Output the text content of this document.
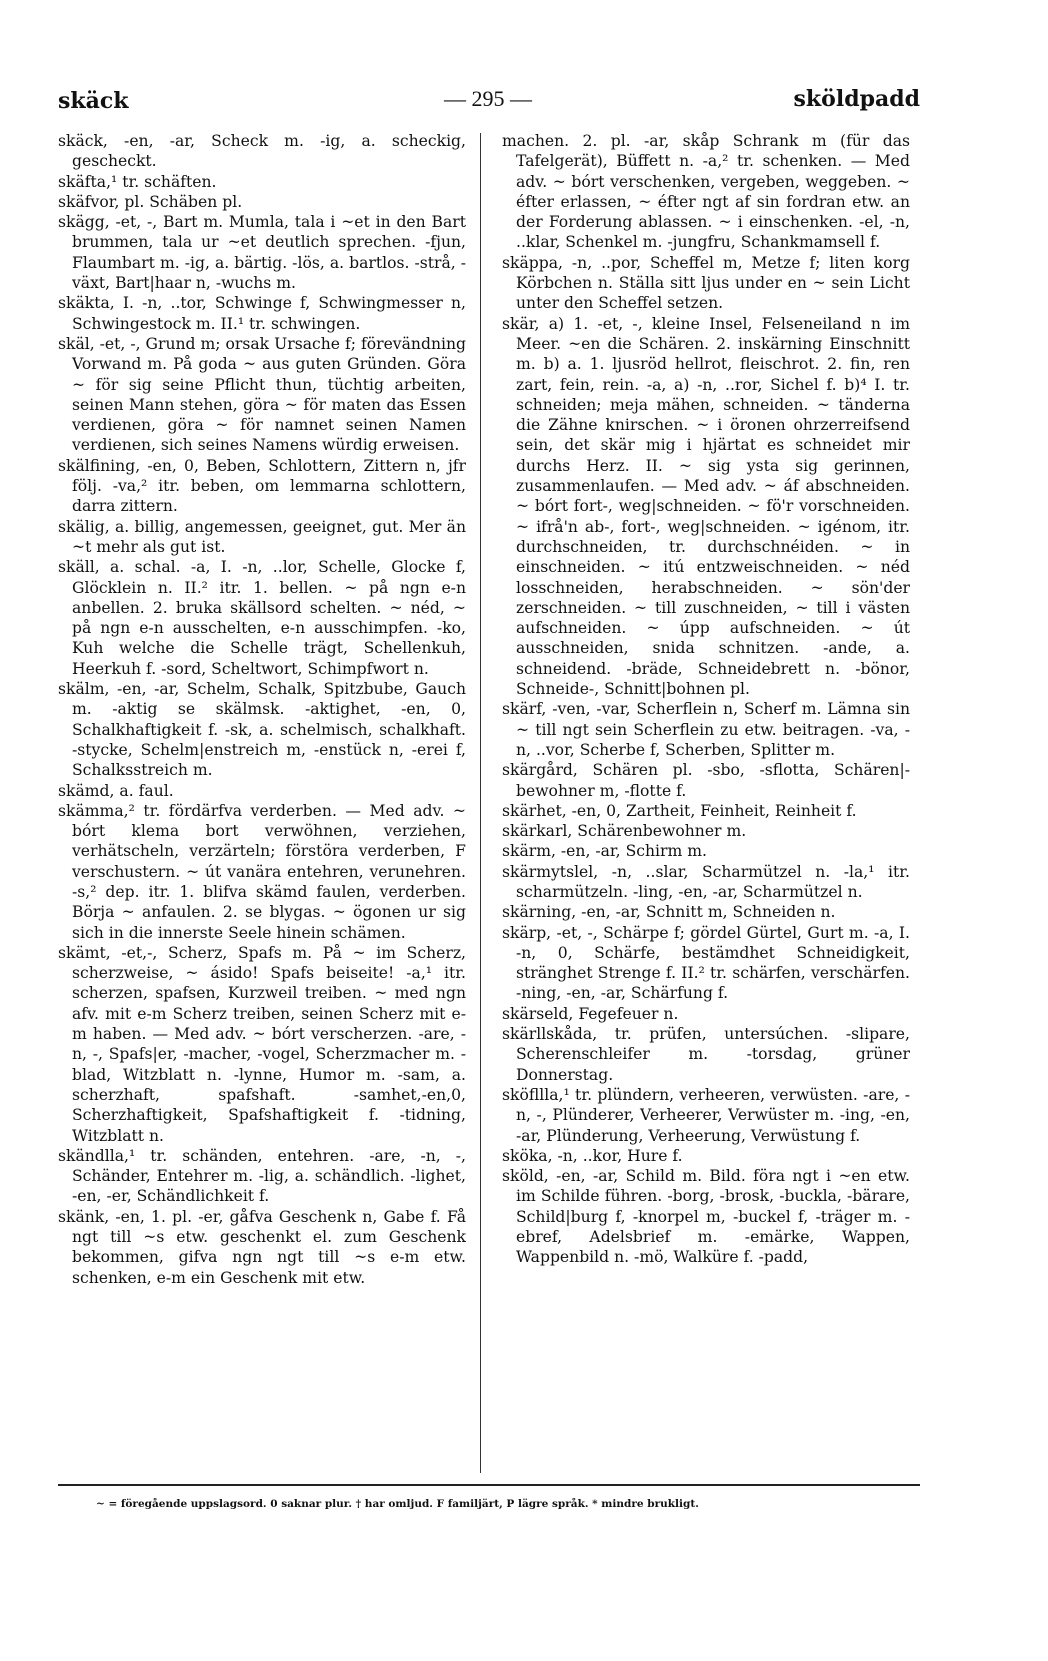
skäck	— 295 —	sköldpadd

skäck, -en, -ar, Scheck m. -ig, a. scheckig, gescheckt.

skäfta,¹ tr. schäften.

skäfvor, pl. Schäben pl.

skägg, -et, -, Bart m. Mumla, tala i ~et in den Bart brummen, tala ur ~et deutlich sprechen. -fjun, Flaumbart m. -ig, a. bärtig. -lös, a. bartlos. -strå, -växt, Bart|haar n, -wuchs m.

skäkta, I. -n, ..tor, Schwinge f, Schwingmesser n, Schwingestock m. II.¹ tr. schwingen.

skäl, -et, -, Grund m; orsak Ursache f; förevändning Vorwand m. På goda ~ aus guten Gründen. Göra ~ för sig seine Pflicht thun, tüchtig arbeiten, seinen Mann stehen, göra ~ för maten das Essen verdienen, göra ~ för namnet seinen Namen verdienen, sich seines Namens würdig erweisen.

skälfining, -en, 0, Beben, Schlottern, Zittern n, jfr följ. -va,² itr. beben, om lemmarna schlottern, darra zittern.

skälig, a. billig, angemessen, geeignet, gut. Mer än ~t mehr als gut ist.

skäll, a. schal. -a, I. -n, ..lor, Schelle, Glocke f, Glöcklein n. II.² itr. 1. bellen. ~ på ngn e-n anbellen. 2. bruka skällsord schelten. ~ néd, ~ på ngn e-n ausschelten, e-n ausschimpfen. -ko, Kuh welche die Schelle trägt, Schellenkuh, Heerkuh f. -sord, Scheltwort, Schimpfwort n.

skälm, -en, -ar, Schelm, Schalk, Spitzbube, Gauch m. -aktig se skälmsk. -aktighet, -en, 0, Schalkhaftigkeit f. -sk, a. schelmisch, schalkhaft. -stycke, Schelm|enstreich m, -enstück n, -erei f, Schalksstreich m.

skämd, a. faul.

skämma,² tr. fördärfva verderben. — Med adv. ~ bórt klema bort verwöhnen, verziehen, verhätscheln, verzärteln; förstöra verderben, F verschustern. ~ út vanära entehren, verunehren. -s,² dep. itr. 1. blifva skämd faulen, verderben. Börja ~ anfaulen. 2. se blygas. ~ ögonen ur sig sich in die innerste Seele hinein schämen.

skämt, -et,-, Scherz, Spafs m. På ~ im Scherz, scherzweise, ~ ásido! Spafs beiseite! -a,¹ itr. scherzen, spafsen, Kurzweil treiben. ~ med ngn afv. mit e-m Scherz treiben, seinen Scherz mit e-m haben. — Med adv. ~ bórt verscherzen. -are, -n, -, Spafs|er, -macher, -vogel, Scherzmacher m. -blad, Witzblatt n. -lynne, Humor m. -sam, a. scherzhaft, spafshaft. -samhet,-en,0, Scherzhaftigkeit, Spafshaftigkeit f. -tidning, Witzblatt n.

skändlla,¹ tr. schänden, entehren. -are, -n, -, Schänder, Entehrer m. -lig, a. schändlich. -lighet, -en, -er, Schändlichkeit f.

skänk, -en, 1. pl. -er, gåfva Geschenk n, Gabe f. Få ngt till ~s etw. geschenkt el. zum Geschenk bekommen, gifva ngn ngt till ~s e-m etw. schenken, e-m ein Geschenk mit etw.

machen. 2. pl. -ar, skåp Schrank m (für das Tafelgerät), Büffett n. -a,² tr. schenken. — Med adv. ~ bórt verschenken, vergeben, weggeben. ~ éfter erlassen, ~ éfter ngt af sin fordran etw. an der Forderung ablassen. ~ i einschenken. -el, -n, ..klar, Schenkel m. -jungfru, Schankmamsell f.

skäppa, -n, ..por, Scheffel m, Metze f; liten korg Körbchen n. Ställa sitt ljus under en ~ sein Licht unter den Scheffel setzen.

skär, a) 1. -et, -, kleine Insel, Felseneiland n im Meer. ~en die Schären. 2. inskärning Einschnitt m. b) a. 1. ljusröd hellrot, fleischrot. 2. fin, ren zart, fein, rein. -a, a) -n, ..ror, Sichel f. b)⁴ I. tr. schneiden; meja mähen, schneiden. ~ tänderna die Zähne knirschen. ~ i öronen ohrzerreifsend sein, det skär mig i hjärtat es schneidet mir durchs Herz. II. ~ sig ysta sig gerinnen, zusammenlaufen. — Med adv. ~ áf abschneiden. ~ bórt fort-, weg|schneiden. ~ fö'r vorschneiden. ~ ifrå'n ab-, fort-, weg|schneiden. ~ igénom, itr. durchschneiden, tr. durchschnéiden. ~ in einschneiden. ~ itú entzweischneiden. ~ néd losschneiden, herabschneiden. ~ sön'der zerschneiden. ~ till zuschneiden, ~ till i västen aufschneiden. ~ úpp aufschneiden. ~ út ausschneiden, snida schnitzen. -ande, a. schneidend. -bräde, Schneidebrett n. -bönor, Schneide-, Schnitt|bohnen pl.

skärf, -ven, -var, Scherflein n, Scherf m. Lämna sin ~ till ngt sein Scherflein zu etw. beitragen. -va, -n, ..vor, Scherbe f, Scherben, Splitter m.

skärgård, Schären pl. -sbo, -sflotta, Schären|-bewohner m, -flotte f.

skärhet, -en, 0, Zartheit, Feinheit, Reinheit f.

skärkarl, Schärenbewohner m.

skärm, -en, -ar, Schirm m.

skärmytslel, -n, ..slar, Scharmützel n. -la,¹ itr. scharmützeln. -ling, -en, -ar, Scharmützel n.

skärning, -en, -ar, Schnitt m, Schneiden n.

skärp, -et, -, Schärpe f; gördel Gürtel, Gurt m. -a, I. -n, 0, Schärfe, bestämdhet Schneidigkeit, stränghet Strenge f. II.² tr. schärfen, verschärfen. -ning, -en, -ar, Schärfung f.

skärseld, Fegefeuer n.

skärllskåda, tr. prüfen, untersúchen. -slipare, Scherenschleifer m. -torsdag, grüner Donnerstag.

sköfllla,¹ tr. plündern, verheeren, verwüsten. -are, -n, -, Plünderer, Verheerer, Verwüster m. -ing, -en, -ar, Plünderung, Verheerung, Verwüstung f.

sköka, -n, ..kor, Hure f.

sköld, -en, -ar, Schild m. Bild. föra ngt i ~en etw. im Schilde führen. -borg, -brosk, -buckla, -bärare, Schild|burg f, -knorpel m, -buckel f, -träger m. -ebref, Adelsbrief m. -emärke, Wappen, Wappenbild n. -mö, Walküre f. -padd,

~ = föregående uppslagsord. 0 saknar plur. † har omljud. F familjärt, P lägre språk. * mindre brukligt.
